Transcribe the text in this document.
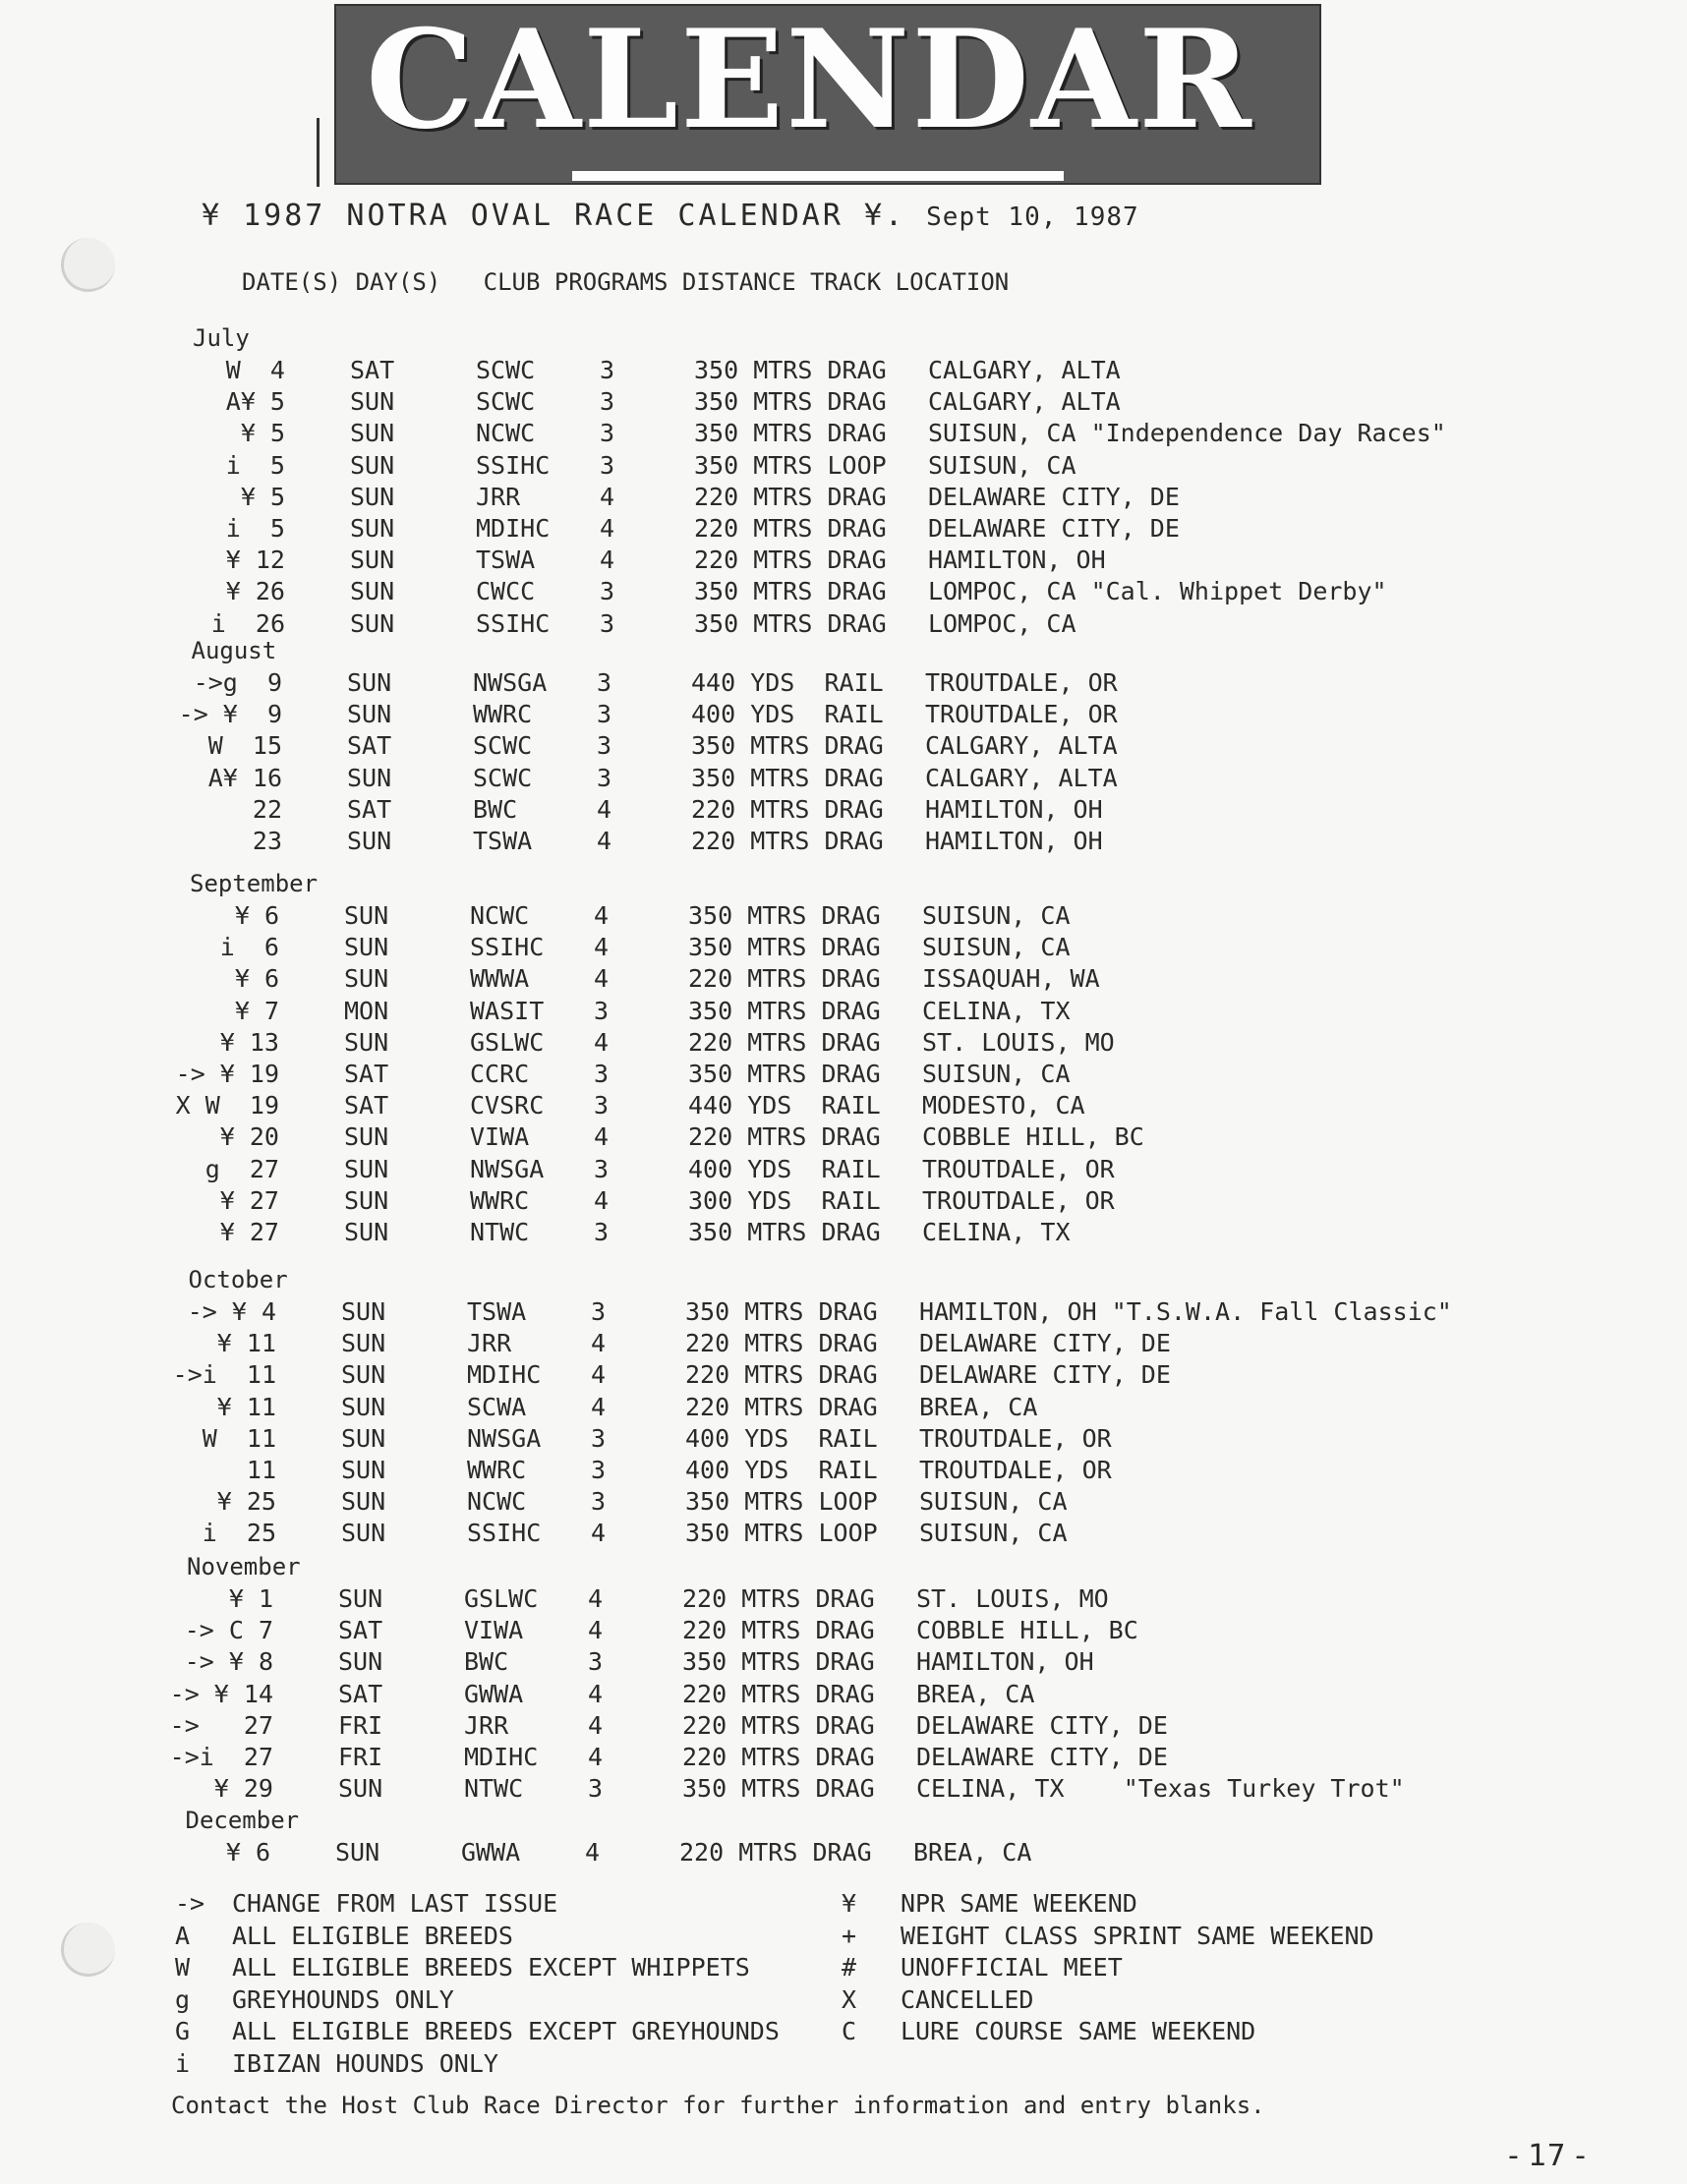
CALENDAR
¥ 1987 NOTRA OVAL RACE CALENDAR ¥. Sept 10, 1987
DATE(S) DAY(S)   CLUB PROGRAMS DISTANCE TRACK LOCATION
July
W  4	SAT	SCWC	3	350 MTRS DRAG CALGARY, ALTA
A¥ 5	SUN	SCWC	3	350 MTRS DRAG CALGARY, ALTA
¥ 5	SUN	NCWC	3	350 MTRS DRAG SUISUN, CA "Independence Day Races"
i  5	SUN	SSIHC 3	350 MTRS LOOP SUISUN, CA
¥ 5	SUN	JRR	4	220 MTRS DRAG DELAWARE CITY, DE
i  5	SUN	MDIHC 4	220 MTRS DRAG DELAWARE CITY, DE
¥ 12	SUN	TSWA	4	220 MTRS DRAG HAMILTON, OH
¥ 26	SUN	CWCC	3	350 MTRS DRAG LOMPOC, CA "Cal. Whippet Derby"
i  26	SUN	SSIHC 3	350 MTRS DRAG LOMPOC, CA
August
->g  9	SUN	NWSGA 3	440 YDS  RAIL TROUTDALE, OR
-> ¥  9	SUN	WWRC	3	400 YDS  RAIL TROUTDALE, OR
W  15	SAT	SCWC	3	350 MTRS DRAG CALGARY, ALTA
A¥ 16	SUN	SCWC	3	350 MTRS DRAG CALGARY, ALTA
22	SAT	BWC	4	220 MTRS DRAG HAMILTON, OH
23	SUN	TSWA	4	220 MTRS DRAG HAMILTON, OH
September
¥ 6	SUN	NCWC	4	350 MTRS DRAG SUISUN, CA
i  6	SUN	SSIHC 4	350 MTRS DRAG SUISUN, CA
¥ 6	SUN	WWWA	4	220 MTRS DRAG ISSAQUAH, WA
¥ 7	MON	WASIT 3	350 MTRS DRAG CELINA, TX
¥ 13	SUN	GSLWC 4	220 MTRS DRAG ST. LOUIS, MO
-> ¥ 19	SAT	CCRC	3	350 MTRS DRAG SUISUN, CA
X W  19	SAT	CVSRC 3	440 YDS  RAIL MODESTO, CA
¥ 20	SUN	VIWA	4	220 MTRS DRAG COBBLE HILL, BC
g  27	SUN	NWSGA 3	400 YDS  RAIL TROUTDALE, OR
¥ 27	SUN	WWRC	4	300 YDS  RAIL TROUTDALE, OR
¥ 27	SUN	NTWC	3	350 MTRS DRAG CELINA, TX
October
-> ¥ 4	SUN	TSWA	3	350 MTRS DRAG HAMILTON, OH "T.S.W.A. Fall Classic"
¥ 11	SUN	JRR	4	220 MTRS DRAG DELAWARE CITY, DE
->i  11	SUN	MDIHC 4	220 MTRS DRAG DELAWARE CITY, DE
¥ 11	SUN	SCWA	4	220 MTRS DRAG BREA, CA
W  11	SUN	NWSGA 3	400 YDS  RAIL TROUTDALE, OR
11	SUN	WWRC	3	400 YDS  RAIL TROUTDALE, OR
¥ 25	SUN	NCWC	3	350 MTRS LOOP SUISUN, CA
i  25	SUN	SSIHC 4	350 MTRS LOOP SUISUN, CA
November
¥ 1	SUN	GSLWC 4	220 MTRS DRAG ST. LOUIS, MO
-> C 7	SAT	VIWA	4	220 MTRS DRAG COBBLE HILL, BC
-> ¥ 8	SUN	BWC	3	350 MTRS DRAG HAMILTON, OH
-> ¥ 14	SAT	GWWA	4	220 MTRS DRAG BREA, CA
->   27	FRI	JRR	4	220 MTRS DRAG DELAWARE CITY, DE
->i  27	FRI	MDIHC 4	220 MTRS DRAG DELAWARE CITY, DE
¥ 29	SUN	NTWC	3	350 MTRS DRAG CELINA, TX    "Texas Turkey Trot"
December
¥ 6	SUN	GWWA	4	220 MTRS DRAG BREA, CA
-> CHANGE FROM LAST ISSUE
A ALL ELIGIBLE BREEDS
W ALL ELIGIBLE BREEDS EXCEPT WHIPPETS
g GREYHOUNDS ONLY
G ALL ELIGIBLE BREEDS EXCEPT GREYHOUNDS
i IBIZAN HOUNDS ONLY
¥ NPR SAME WEEKEND
+ WEIGHT CLASS SPRINT SAME WEEKEND
# UNOFFICIAL MEET
X CANCELLED
C LURE COURSE SAME WEEKEND
Contact the Host Club Race Director for further information and entry blanks.
- 17 -
